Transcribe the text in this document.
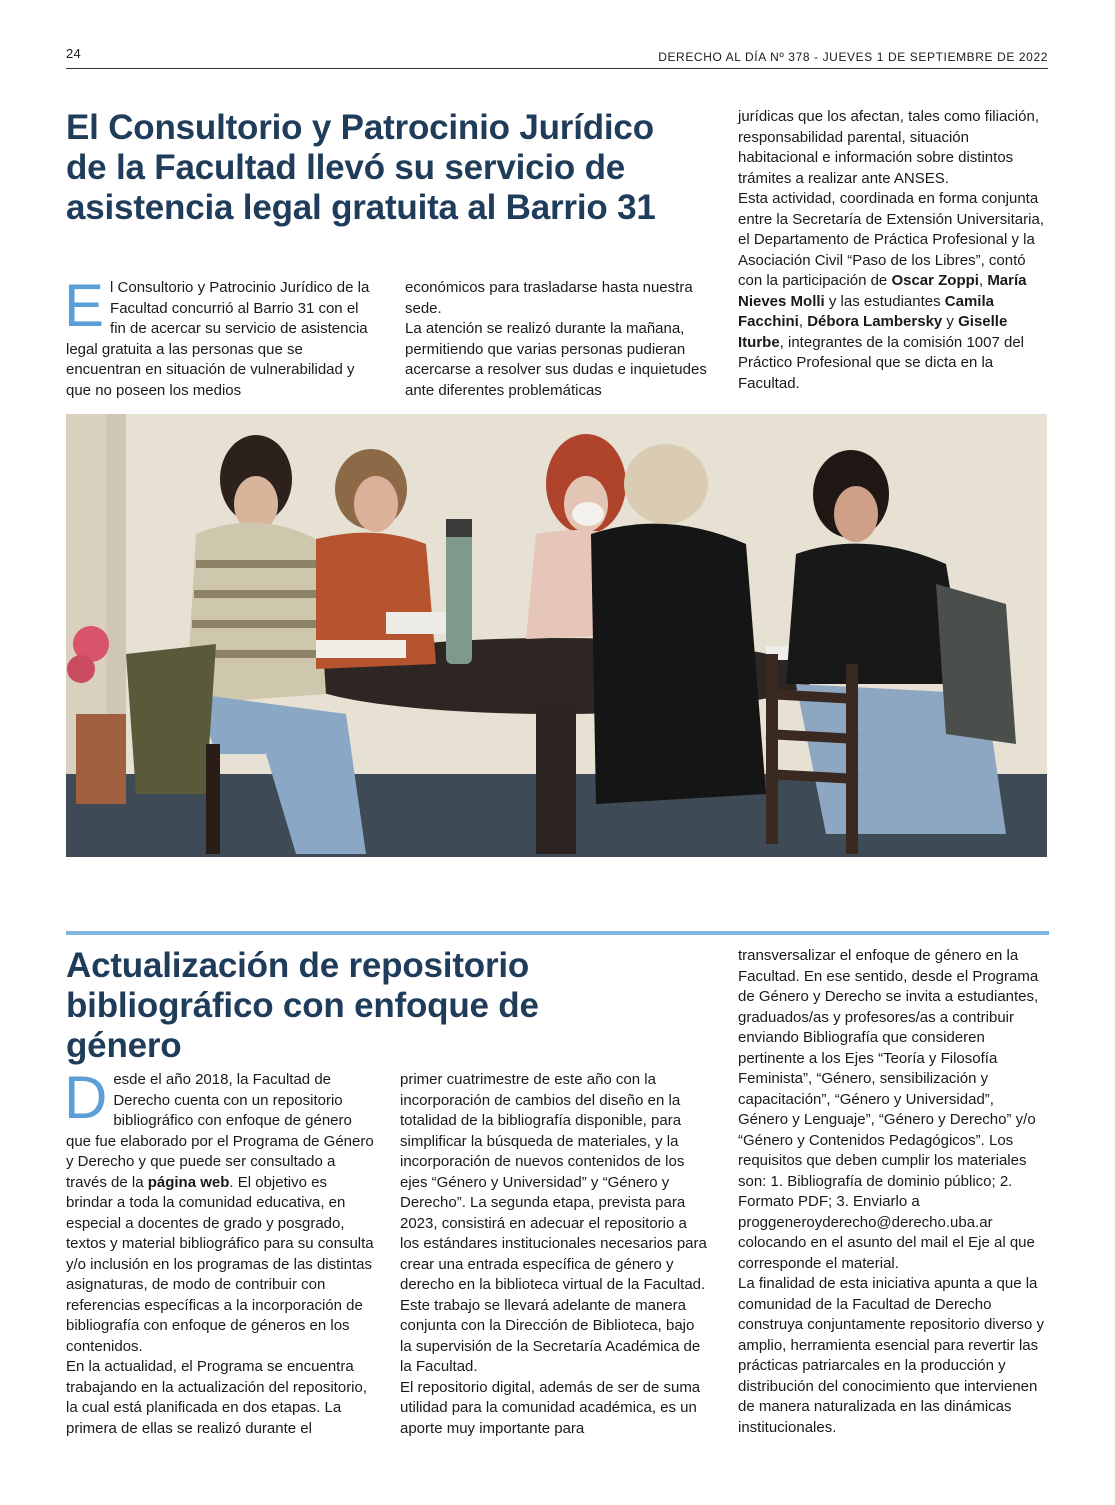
24	DERECHO AL DÍA Nº 378 - JUEVES 1 DE SEPTIEMBRE DE 2022
El Consultorio y Patrocinio Jurídico de la Facultad llevó su servicio de asistencia legal gratuita al Barrio 31

El Consultorio y Patrocinio Jurídico de la Facultad concurrió al Barrio 31 con el fin de acercar su servicio de asistencia legal gratuita a las personas que se encuentran en situación de vulnerabilidad y que no poseen los medios

económicos para trasladarse hasta nuestra sede.

La atención se realizó durante la mañana, permitiendo que varias personas pudieran acercarse a resolver sus dudas e inquietudes ante diferentes problemáticas

jurídicas que los afectan, tales como filiación, responsabilidad parental, situación habitacional e información sobre distintos trámites a realizar ante ANSES.

Esta actividad, coordinada en forma conjunta entre la Secretaría de Extensión Universitaria, el Departamento de Práctica Profesional y la Asociación Civil “Paso de los Libres”, contó con la participación de Oscar Zoppi, María Nieves Molli y las estudiantes Camila Facchini, Débora Lambersky y Giselle Iturbe, integrantes de la comisión 1007 del Práctico Profesional que se dicta en la Facultad.

Actualización de repositorio bibliográfico con enfoque de género

Desde el año 2018, la Facultad de Derecho cuenta con un repositorio bibliográfico con enfoque de género que fue elaborado por el Programa de Género y Derecho y que puede ser consultado a través de la página web. El objetivo es brindar a toda la comunidad educativa, en especial a docentes de grado y posgrado, textos y material bibliográfico para su consulta y/o inclusión en los programas de las distintas asignaturas, de modo de contribuir con referencias específicas a la incorporación de bibliografía con enfoque de géneros en los contenidos.

En la actualidad, el Programa se encuentra trabajando en la actualización del repositorio, la cual está planificada en dos etapas. La primera de ellas se realizó durante el

primer cuatrimestre de este año con la incorporación de cambios del diseño en la totalidad de la bibliografía disponible, para simplificar la búsqueda de materiales, y la incorporación de nuevos contenidos de los ejes “Género y Universidad” y “Género y Derecho”. La segunda etapa, prevista para 2023, consistirá en adecuar el repositorio a los estándares institucionales necesarios para crear una entrada específica de género y derecho en la biblioteca virtual de la Facultad. Este trabajo se llevará adelante de manera conjunta con la Dirección de Biblioteca, bajo la supervisión de la Secretaría Académica de la Facultad.

El repositorio digital, además de ser de suma utilidad para la comunidad académica, es un aporte muy importante para

transversalizar el enfoque de género en la Facultad. En ese sentido, desde el Programa de Género y Derecho se invita a estudiantes, graduados/as y profesores/as a contribuir enviando Bibliografía que consideren pertinente a los Ejes “Teoría y Filosofía Feminista”, “Género, sensibilización y capacitación”, “Género y Universidad”, Género y Lenguaje”, “Género y Derecho” y/o “Género y Contenidos Pedagógicos”. Los requisitos que deben cumplir los materiales son: 1. Bibliografía de dominio público; 2. Formato PDF; 3. Enviarlo a proggeneroyderecho@derecho.uba.ar colocando en el asunto del mail el Eje al que corresponde el material.

La finalidad de esta iniciativa apunta a que la comunidad de la Facultad de Derecho construya conjuntamente repositorio diverso y amplio, herramienta esencial para revertir las prácticas patriarcales en la producción y distribución del conocimiento que intervienen de manera naturalizada en las dinámicas institucionales.
